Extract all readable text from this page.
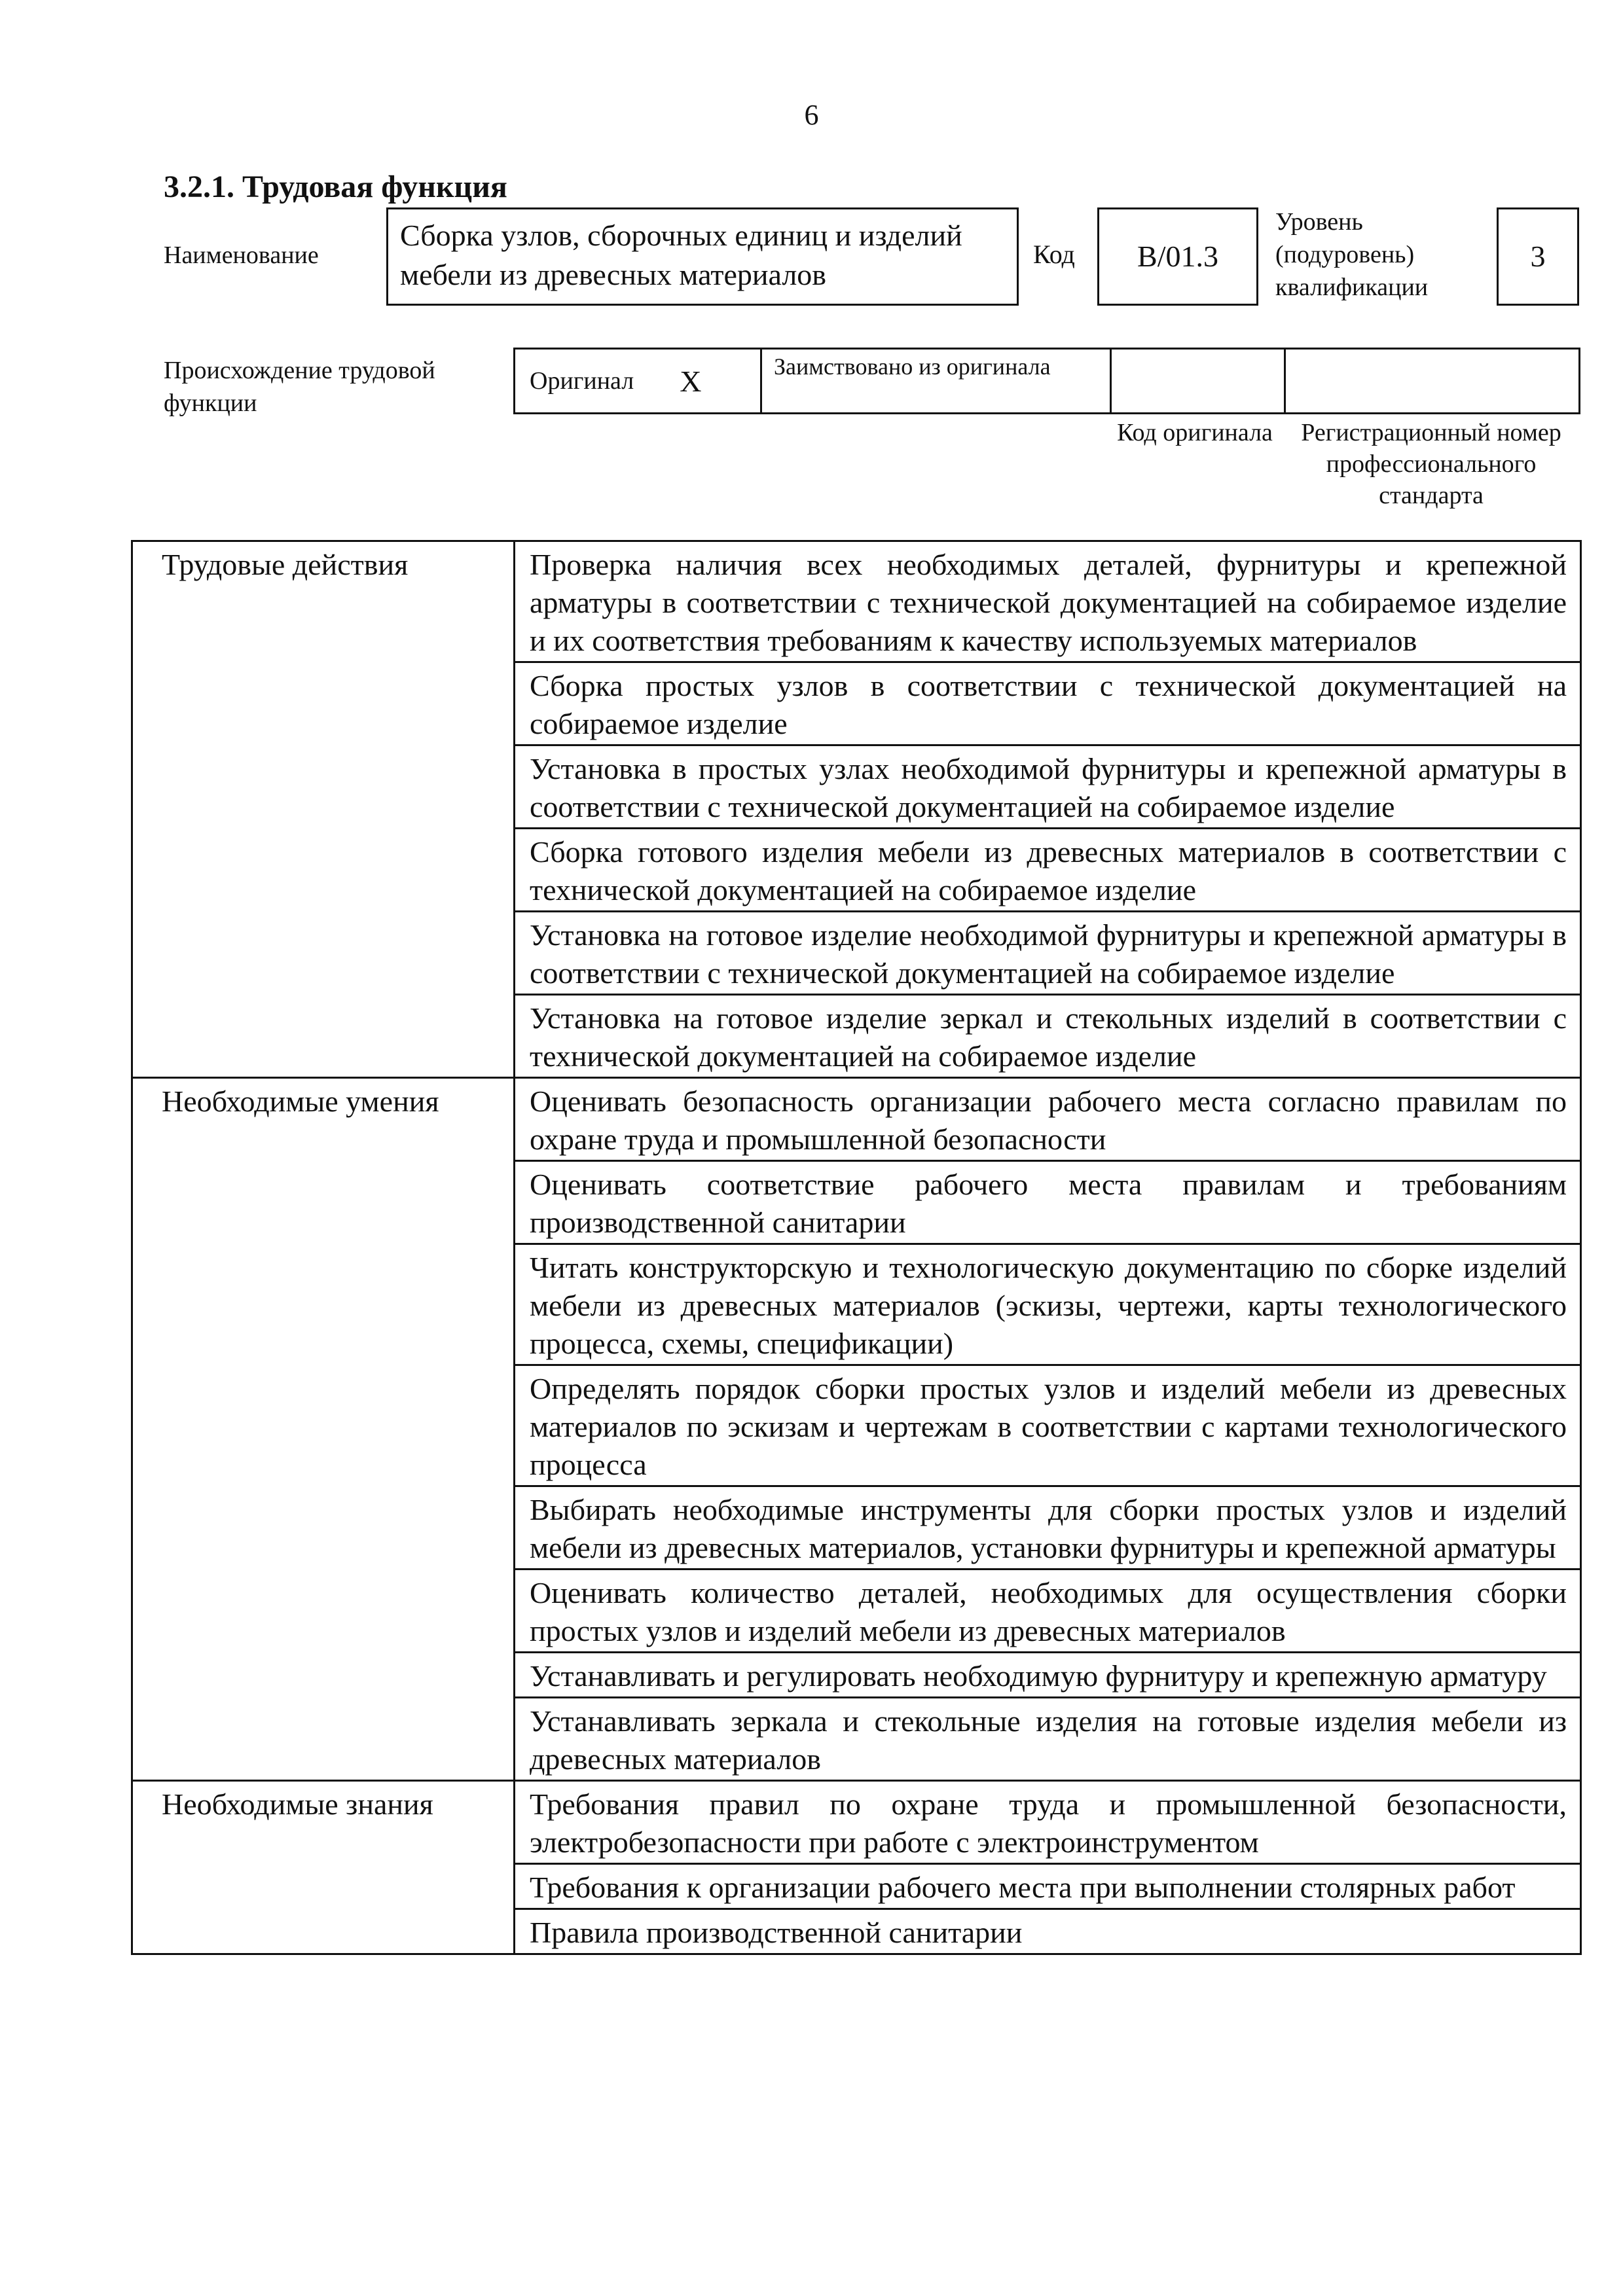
6
3.2.1. Трудовая функция
Наименование
Сборка узлов, сборочных единиц и изделий мебели из древесных материалов
Код	В/01.3
Уровень (подуровень) квалификации
3
Происхождение трудовой функции
Оригинал X	Заимствовано из оригинала
Код оригинала	Регистрационный номер профессионального стандарта
Трудовые действия	Проверка наличия всех необходимых деталей, фурнитуры и крепежной арматуры в соответствии с технической документацией на собираемое изделие и их соответствия требованиям к качеству используемых материалов
	Сборка простых узлов в соответствии с технической документацией на собираемое изделие
	Установка в простых узлах необходимой фурнитуры и крепежной арматуры в соответствии с технической документацией на собираемое изделие
	Сборка готового изделия мебели из древесных материалов в соответствии с технической документацией на собираемое изделие
	Установка на готовое изделие необходимой фурнитуры и крепежной арматуры в соответствии с технической документацией на собираемое изделие
	Установка на готовое изделие зеркал и стекольных изделий в соответствии с технической документацией на собираемое изделие
Необходимые умения	Оценивать безопасность организации рабочего места согласно правилам по охране труда и промышленной безопасности
	Оценивать соответствие рабочего места правилам и требованиям производственной санитарии
	Читать конструкторскую и технологическую документацию по сборке изделий мебели из древесных материалов (эскизы, чертежи, карты технологического процесса, схемы, спецификации)
	Определять порядок сборки простых узлов и изделий мебели из древесных материалов по эскизам и чертежам в соответствии с картами технологического процесса
	Выбирать необходимые инструменты для сборки простых узлов и изделий мебели из древесных материалов, установки фурнитуры и крепежной арматуры
	Оценивать количество деталей, необходимых для осуществления сборки простых узлов и изделий мебели из древесных материалов
	Устанавливать и регулировать необходимую фурнитуру и крепежную арматуру
	Устанавливать зеркала и стекольные изделия на готовые изделия мебели из древесных материалов
Необходимые знания	Требования правил по охране труда и промышленной безопасности, электробезопасности при работе с электроинструментом
	Требования к организации рабочего места при выполнении столярных работ
	Правила производственной санитарии
